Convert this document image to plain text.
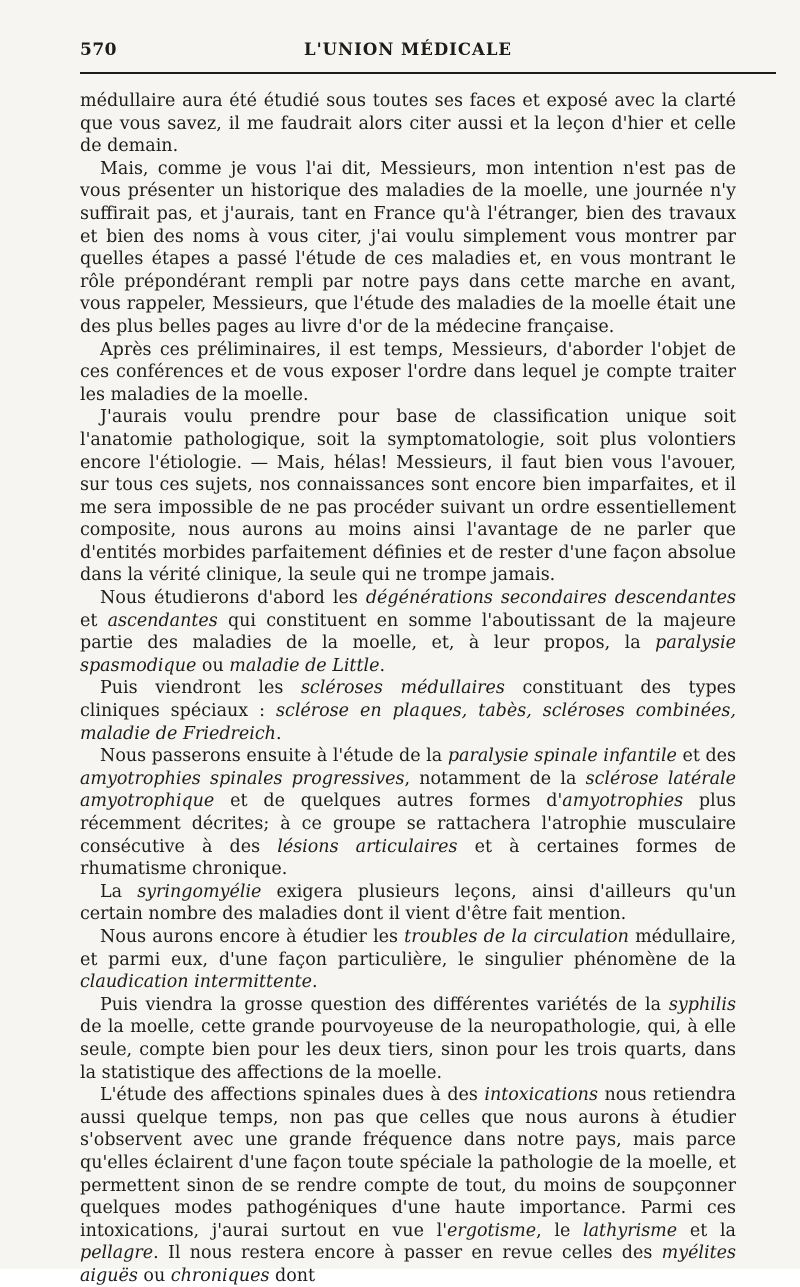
570	L'UNION MÉDICALE

médullaire aura été étudié sous toutes ses faces et exposé avec la clarté que vous savez, il me faudrait alors citer aussi et la leçon d'hier et celle de demain.

Mais, comme je vous l'ai dit, Messieurs, mon intention n'est pas de vous présenter un historique des maladies de la moelle, une journée n'y suffirait pas, et j'aurais, tant en France qu'à l'étranger, bien des travaux et bien des noms à vous citer, j'ai voulu simplement vous montrer par quelles étapes a passé l'étude de ces maladies et, en vous montrant le rôle prépondérant rempli par notre pays dans cette marche en avant, vous rappeler, Messieurs, que l'étude des maladies de la moelle était une des plus belles pages au livre d'or de la médecine française.

Après ces préliminaires, il est temps, Messieurs, d'aborder l'objet de ces conférences et de vous exposer l'ordre dans lequel je compte traiter les maladies de la moelle.

J'aurais voulu prendre pour base de classification unique soit l'anatomie pathologique, soit la symptomatologie, soit plus volontiers encore l'étiologie. — Mais, hélas! Messieurs, il faut bien vous l'avouer, sur tous ces sujets, nos connaissances sont encore bien imparfaites, et il me sera impossible de ne pas procéder suivant un ordre essentiellement composite, nous aurons au moins ainsi l'avantage de ne parler que d'entités morbides parfaitement définies et de rester d'une façon absolue dans la vérité clinique, la seule qui ne trompe jamais.

Nous étudierons d'abord les dégénérations secondaires descendantes et ascendantes qui constituent en somme l'aboutissant de la majeure partie des maladies de la moelle, et, à leur propos, la paralysie spasmodique ou maladie de Little.

Puis viendront les scléroses médullaires constituant des types cliniques spéciaux : sclérose en plaques, tabès, scléroses combinées, maladie de Friedreich.

Nous passerons ensuite à l'étude de la paralysie spinale infantile et des amyotrophies spinales progressives, notamment de la sclérose latérale amyotrophique et de quelques autres formes d'amyotrophies plus récemment décrites; à ce groupe se rattachera l'atrophie musculaire consécutive à des lésions articulaires et à certaines formes de rhumatisme chronique.

La syringomyélie exigera plusieurs leçons, ainsi d'ailleurs qu'un certain nombre des maladies dont il vient d'être fait mention.

Nous aurons encore à étudier les troubles de la circulation médullaire, et parmi eux, d'une façon particulière, le singulier phénomène de la claudication intermittente.

Puis viendra la grosse question des différentes variétés de la syphilis de la moelle, cette grande pourvoyeuse de la neuropathologie, qui, à elle seule, compte bien pour les deux tiers, sinon pour les trois quarts, dans la statistique des affections de la moelle.

L'étude des affections spinales dues à des intoxications nous retiendra aussi quelque temps, non pas que celles que nous aurons à étudier s'observent avec une grande fréquence dans notre pays, mais parce qu'elles éclairent d'une façon toute spéciale la pathologie de la moelle, et permettent sinon de se rendre compte de tout, du moins de soupçonner quelques modes pathogéniques d'une haute importance. Parmi ces intoxications, j'aurai surtout en vue l'ergotisme, le lathyrisme et la pellagre. Il nous restera encore à passer en revue celles des myélites aiguës ou chroniques dont
